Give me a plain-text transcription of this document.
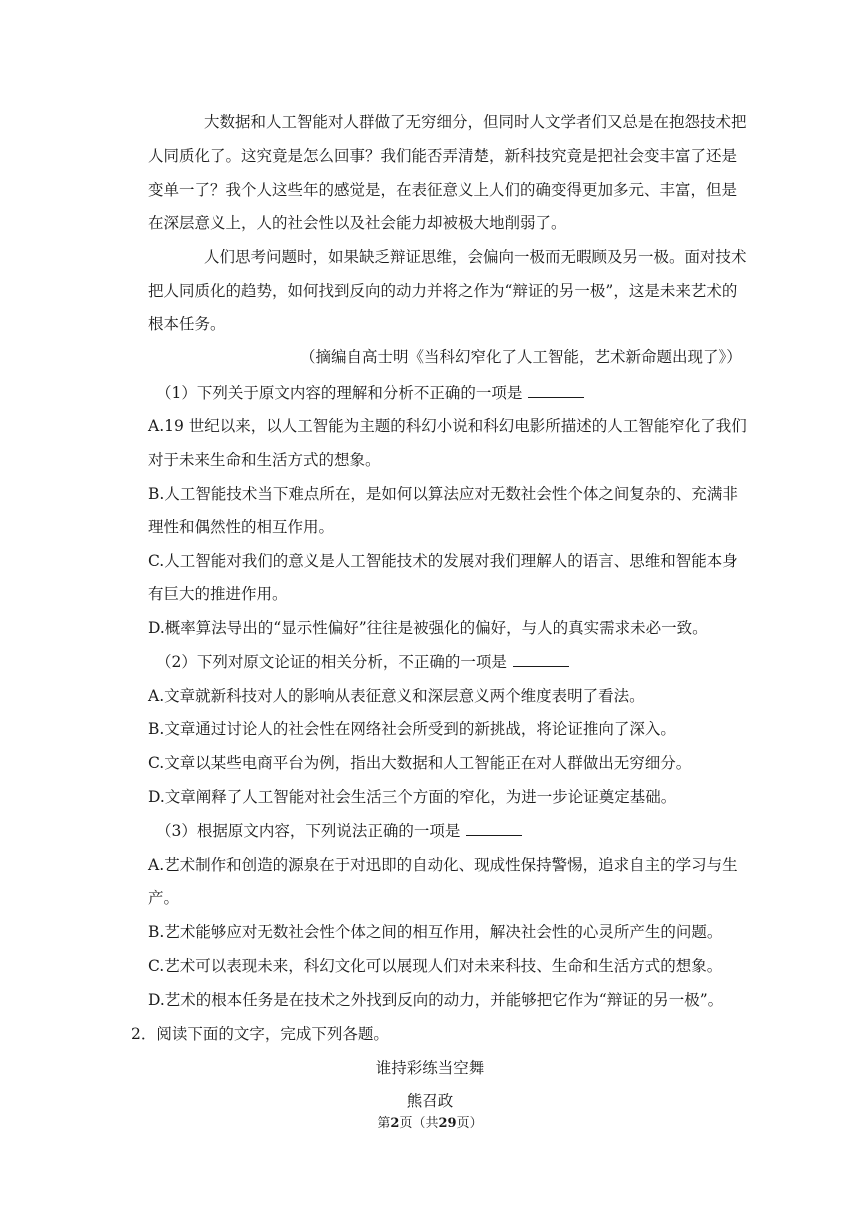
大数据和人工智能对人群做了无穷细分，但同时人文学者们又总是在抱怨技术把
人同质化了。这究竟是怎么回事？我们能否弄清楚，新科技究竟是把社会变丰富了还是
变单一了？我个人这些年的感觉是，在表征意义上人们的确变得更加多元、丰富，但是
在深层意义上，人的社会性以及社会能力却被极大地削弱了。
人们思考问题时，如果缺乏辩证思维，会偏向一极而无暇顾及另一极。面对技术
把人同质化的趋势，如何找到反向的动力并将之作为“辩证的另一极”，这是未来艺术的
根本任务。
（摘编自高士明《当科幻窄化了人工智能，艺术新命题出现了》）
（1）下列关于原文内容的理解和分析不正确的一项是
A.19 世纪以来，以人工智能为主题的科幻小说和科幻电影所描述的人工智能窄化了我们
对于未来生命和生活方式的想象。
B.人工智能技术当下难点所在，是如何以算法应对无数社会性个体之间复杂的、充满非
理性和偶然性的相互作用。
C.人工智能对我们的意义是人工智能技术的发展对我们理解人的语言、思维和智能本身
有巨大的推进作用。
D.概率算法导出的“显示性偏好”往往是被强化的偏好，与人的真实需求未必一致。
（2）下列对原文论证的相关分析，不正确的一项是
A.文章就新科技对人的影响从表征意义和深层意义两个维度表明了看法。
B.文章通过讨论人的社会性在网络社会所受到的新挑战，将论证推向了深入。
C.文章以某些电商平台为例，指出大数据和人工智能正在对人群做出无穷细分。
D.文章阐释了人工智能对社会生活三个方面的窄化，为进一步论证奠定基础。
（3）根据原文内容，下列说法正确的一项是
A.艺术制作和创造的源泉在于对迅即的自动化、现成性保持警惕，追求自主的学习与生
产。
B.艺术能够应对无数社会性个体之间的相互作用，解决社会性的心灵所产生的问题。
C.艺术可以表现未来，科幻文化可以展现人们对未来科技、生命和生活方式的想象。
D.艺术的根本任务是在技术之外找到反向的动力，并能够把它作为“辩证的另一极”。
2．阅读下面的文字，完成下列各题。
谁持彩练当空舞
熊召政
第2页（共29页）
